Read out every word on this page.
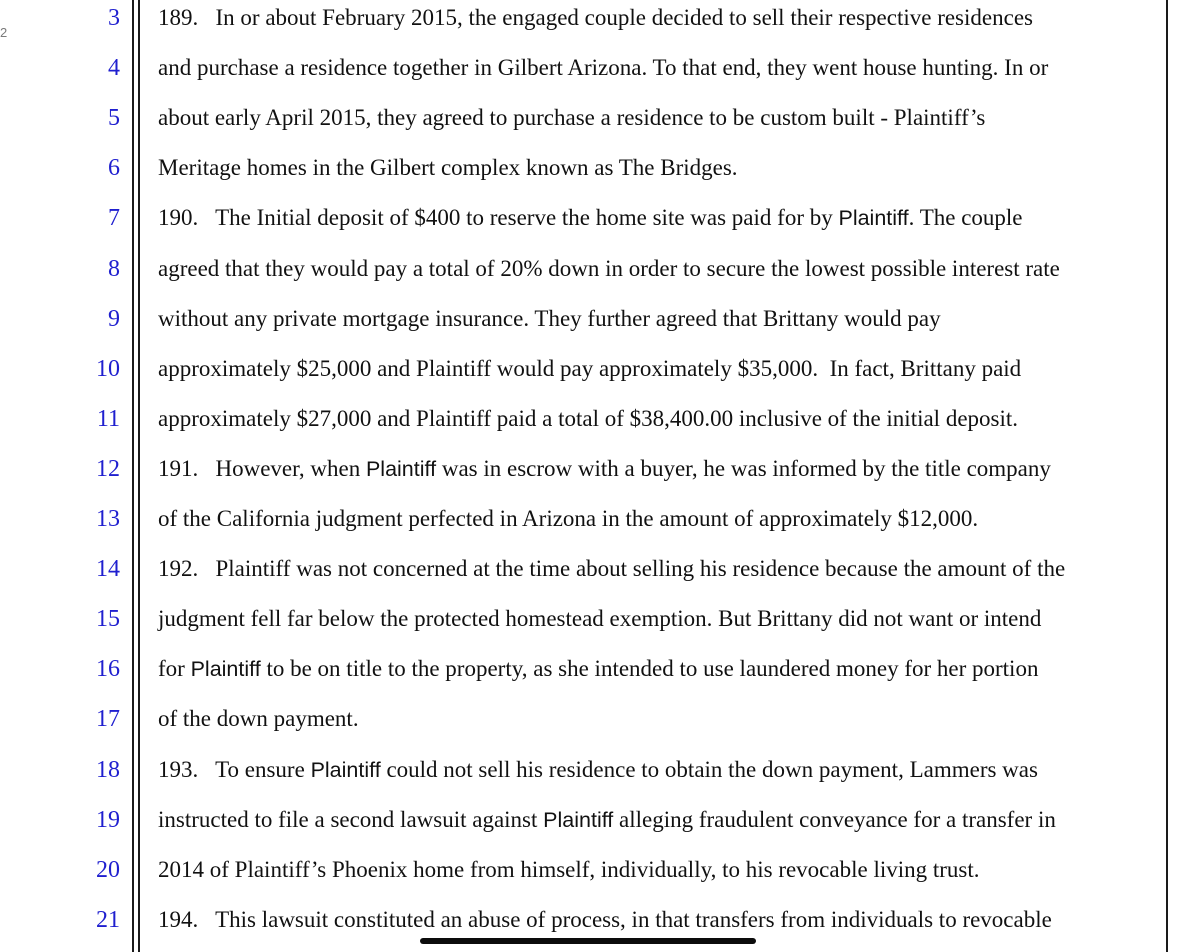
2
3
4
5
6
7
8
9
10
11
12
13
14
15
16
17
18
19
20
21
189.   In or about February 2015, the engaged couple decided to sell their respective residences
and purchase a residence together in Gilbert Arizona. To that end, they went house hunting. In or
about early April 2015, they agreed to purchase a residence to be custom built - Plaintiff’s
Meritage homes in the Gilbert complex known as The Bridges.
190.   The Initial deposit of $400 to reserve the home site was paid for by Plaintiff. The couple
agreed that they would pay a total of 20% down in order to secure the lowest possible interest rate
without any private mortgage insurance. They further agreed that Brittany would pay
approximately $25,000 and Plaintiff would pay approximately $35,000.  In fact, Brittany paid
approximately $27,000 and Plaintiff paid a total of $38,400.00 inclusive of the initial deposit.
191.   However, when Plaintiff was in escrow with a buyer, he was informed by the title company
of the California judgment perfected in Arizona in the amount of approximately $12,000.
192.   Plaintiff was not concerned at the time about selling his residence because the amount of the
judgment fell far below the protected homestead exemption. But Brittany did not want or intend
for Plaintiff to be on title to the property, as she intended to use laundered money for her portion
of the down payment.
193.   To ensure Plaintiff could not sell his residence to obtain the down payment, Lammers was
instructed to file a second lawsuit against Plaintiff alleging fraudulent conveyance for a transfer in
2014 of Plaintiff’s Phoenix home from himself, individually, to his revocable living trust.
194.   This lawsuit constituted an abuse of process, in that transfers from individuals to revocable
